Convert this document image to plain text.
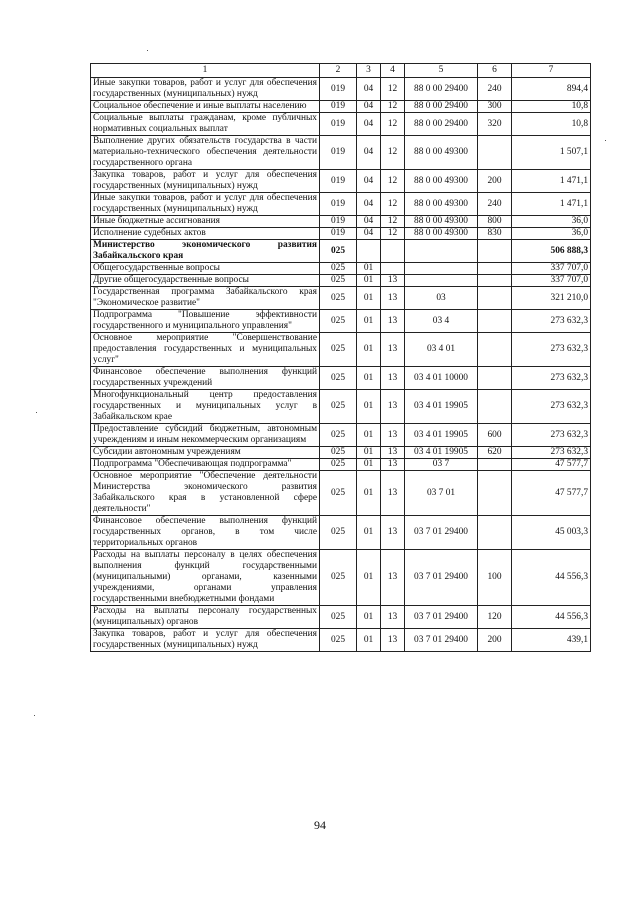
1	2	3	4	5	6	7
Иные закупки товаров, работ и услуг для обеспечения государственных (муниципальных) нужд	019	04	12	88 0 00 29400	240	894,4
Социальное обеспечение и иные выплаты населению	019	04	12	88 0 00 29400	300	10,8
Социальные выплаты гражданам, кроме публичных нормативных социальных выплат	019	04	12	88 0 00 29400	320	10,8
Выполнение других обязательств государства в части материально-технического обеспечения деятельности государственного органа	019	04	12	88 0 00 49300		1 507,1
Закупка товаров, работ и услуг для обеспечения государственных (муниципальных) нужд	019	04	12	88 0 00 49300	200	1 471,1
Иные закупки товаров, работ и услуг для обеспечения государственных (муниципальных) нужд	019	04	12	88 0 00 49300	240	1 471,1
Иные бюджетные ассигнования	019	04	12	88 0 00 49300	800	36,0
Исполнение судебных актов	019	04	12	88 0 00 49300	830	36,0
Министерство экономического развития Забайкальского края	025					506 888,3
Общегосударственные вопросы	025	01				337 707,0
Другие общегосударственные вопросы	025	01	13			337 707,0
Государственная программа Забайкальского края "Экономическое развитие"	025	01	13	03		321 210,0
Подпрограмма "Повышение эффективности государственного и муниципального управления"	025	01	13	03 4		273 632,3
Основное мероприятие "Совершенствование предоставления государственных и муниципальных услуг"	025	01	13	03 4 01		273 632,3
Финансовое обеспечение выполнения функций государственных учреждений	025	01	13	03 4 01 10000		273 632,3
Многофункциональный центр предоставления государственных и муниципальных услуг в Забайкальском крае	025	01	13	03 4 01 19905		273 632,3
Предоставление субсидий бюджетным, автономным учреждениям и иным некоммерческим организациям	025	01	13	03 4 01 19905	600	273 632,3
Субсидии автономным учреждениям	025	01	13	03 4 01 19905	620	273 632,3
Подпрограмма "Обеспечивающая подпрограмма"	025	01	13	03 7		47 577,7
Основное мероприятие "Обеспечение деятельности Министерства экономического развития Забайкальского края в установленной сфере деятельности"	025	01	13	03 7 01		47 577,7
Финансовое обеспечение выполнения функций государственных органов, в том числе территориальных органов	025	01	13	03 7 01 29400		45 003,3
Расходы на выплаты персоналу в целях обеспечения выполнения функций государственными (муниципальными) органами, казенными учреждениями, органами управления государственными внебюджетными фондами	025	01	13	03 7 01 29400	100	44 556,3
Расходы на выплаты персоналу государственных (муниципальных) органов	025	01	13	03 7 01 29400	120	44 556,3
Закупка товаров, работ и услуг для обеспечения государственных (муниципальных) нужд	025	01	13	03 7 01 29400	200	439,1
94
